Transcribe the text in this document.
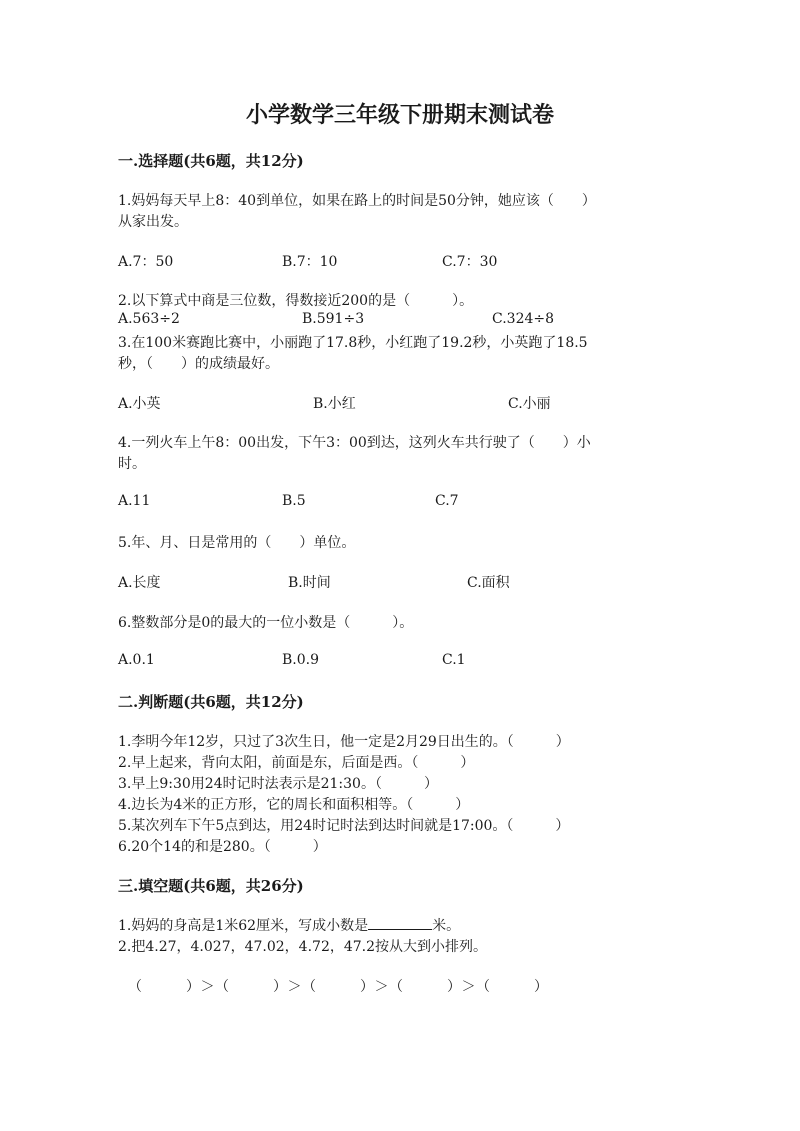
小学数学三年级下册期末测试卷
一.选择题(共6题，共12分)
1.妈妈每天早上8：40到单位，如果在路上的时间是50分钟，她应该（　　）
从家出发。
A.7：50	B.7：10	C.7：30
2.以下算式中商是三位数，得数接近200的是（　　　）。
A.563÷2	B.591÷3	C.324÷8
3.在100米赛跑比赛中，小丽跑了17.8秒，小红跑了19.2秒，小英跑了18.5
秒，（　　）的成绩最好。
A.小英	B.小红	C.小丽
4.一列火车上午8：00出发，下午3：00到达，这列火车共行驶了（　　）小
时。
A.11	B.5	C.7
5.年、月、日是常用的（　　）单位。
A.长度	B.时间	C.面积
6.整数部分是0的最大的一位小数是（　　　）。
A.0.1	B.0.9	C.1
二.判断题(共6题，共12分)
1.李明今年12岁，只过了3次生日，他一定是2月29日出生的。（　　　）
2.早上起来，背向太阳，前面是东，后面是西。（　　　）
3.早上9:30用24时记时法表示是21:30。（　　　）
4.边长为4米的正方形，它的周长和面积相等。（　　　）
5.某次列车下午5点到达，用24时记时法到达时间就是17:00。（　　　）
6.20个14的和是280。（　　　）
三.填空题(共6题，共26分)
1.妈妈的身高是1米62厘米，写成小数是	米。
2.把4.27，4.027，47.02，4.72，47.2按从大到小排列。
（　　　）＞（　　　）＞（　　　）＞（　　　）＞（　　　）
